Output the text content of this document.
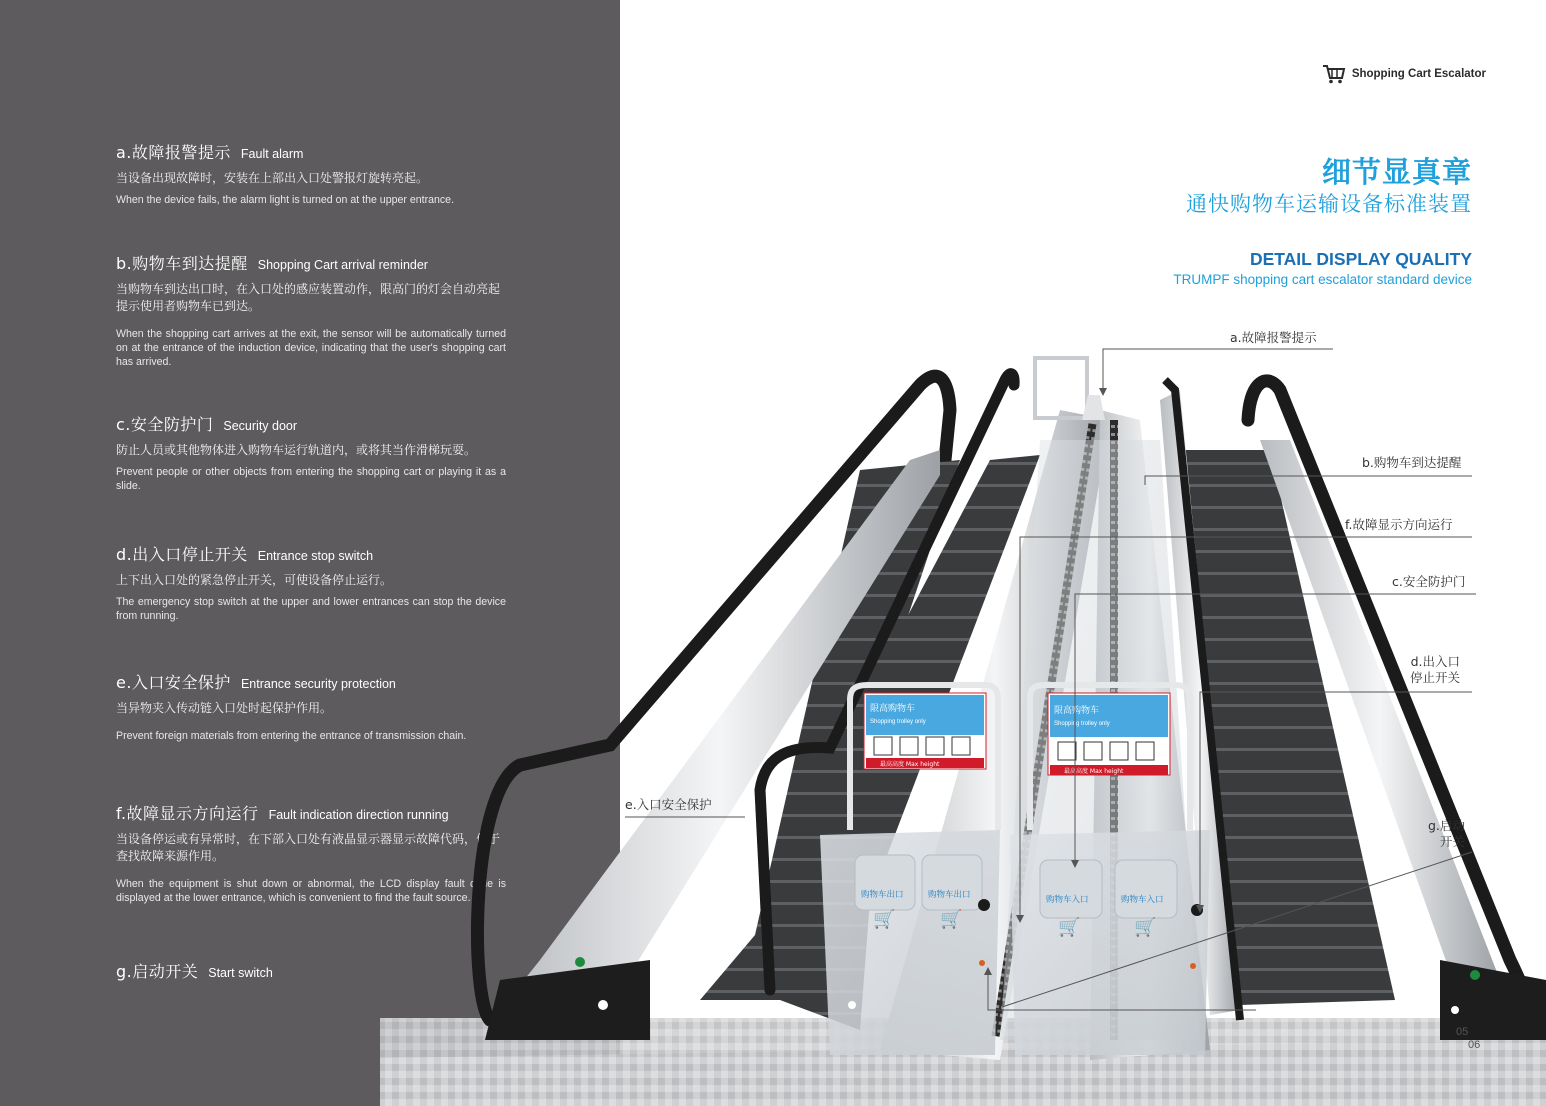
a.故障报警提示 Fault alarm
当设备出现故障时，安装在上部出入口处警报灯旋转亮起。
When the device fails, the alarm light is turned on at the upper entrance.
b.购物车到达提醒 Shopping Cart arrival reminder
当购物车到达出口时，在入口处的感应装置动作，限高门的灯会自动亮起提示使用者购物车已到达。
When the shopping cart arrives at the exit, the sensor will be automatically turned on at the entrance of the induction device, indicating that the user's shopping cart has arrived.
c.安全防护门 Security door
防止人员或其他物体进入购物车运行轨道内，或将其当作滑梯玩耍。
Prevent people or other objects from entering the shopping cart or playing it as a slide.
d.出入口停止开关 Entrance stop switch
上下出入口处的紧急停止开关，可使设备停止运行。
The emergency stop switch at the upper and lower entrances can stop the device from running.
e.入口安全保护 Entrance security protection
当异物夹入传动链入口处时起保护作用。
Prevent foreign materials from entering the entrance of transmission chain.
f.故障显示方向运行 Fault indication direction running
当设备停运或有异常时，在下部入口处有液晶显示器显示故障代码，便于查找故障来源作用。
When the equipment is shut down or abnormal, the LCD display fault code is displayed at the lower entrance, which is convenient to find the fault source.
g.启动开关 Start switch
限高购物车
Shopping trolley only
最高高度 Max height
购物车出口	购物车出口
🛒 🛒
限高购物车
Shopping trolley only
最高高度 Max height
购物车入口	购物车入口
🛒	🛒
Shopping Cart Escalator
细节显真章
通快购物车运输设备标准装置
DETAIL DISPLAY QUALITY
TRUMPF shopping cart escalator standard device
a.故障报警提示
b.购物车到达提醒
f.故障显示方向运行
c.安全防护门
d.出入口
停止开关
e.入口安全保护
g.启动
开关
05
06
